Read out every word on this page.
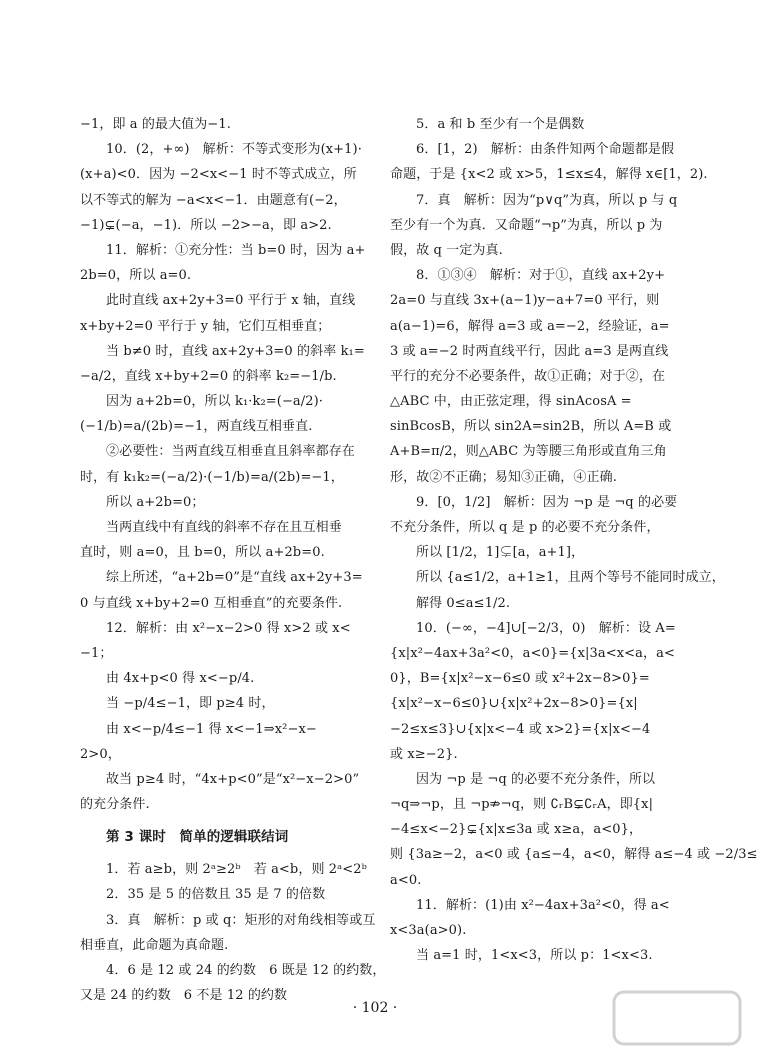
−1，即 a 的最大值为−1.
10．(2，+∞)　解析：不等式变形为(x+1)·
(x+a)<0．因为 −2<x<−1 时不等式成立，所
以不等式的解为 −a<x<−1．由题意有(−2，
−1)⊊(−a，−1)．所以 −2>−a，即 a>2.
11．解析：①充分性：当 b=0 时，因为 a+
2b=0，所以 a=0.
此时直线 ax+2y+3=0 平行于 x 轴，直线
x+by+2=0 平行于 y 轴，它们互相垂直；
当 b≠0 时，直线 ax+2y+3=0 的斜率 k₁=
−a/2，直线 x+by+2=0 的斜率 k₂=−1/b.
因为 a+2b=0，所以 k₁·k₂=(−a/2)·
(−1/b)=a/(2b)=−1，两直线互相垂直.
②必要性：当两直线互相垂直且斜率都存在
时，有 k₁k₂=(−a/2)·(−1/b)=a/(2b)=−1，
所以 a+2b=0；
当两直线中有直线的斜率不存在且互相垂
直时，则 a=0，且 b=0，所以 a+2b=0.
综上所述，“a+2b=0”是“直线 ax+2y+3=
0 与直线 x+by+2=0 互相垂直”的充要条件.
12．解析：由 x²−x−2>0 得 x>2 或 x<
−1；
由 4x+p<0 得 x<−p/4.
当 −p/4≤−1，即 p≥4 时，
由 x<−p/4≤−1 得 x<−1⇒x²−x−
2>0，
故当 p≥4 时，“4x+p<0”是“x²−x−2>0”
的充分条件.
第 3 课时　简单的逻辑联结词
1．若 a≥b，则 2ᵃ≥2ᵇ　若 a<b，则 2ᵃ<2ᵇ
2．35 是 5 的倍数且 35 是 7 的倍数
3．真　解析：p 或 q：矩形的对角线相等或互
相垂直，此命题为真命题.
4．6 是 12 或 24 的约数　6 既是 12 的约数，
又是 24 的约数　6 不是 12 的约数
5．a 和 b 至少有一个是偶数
6．[1，2)　解析：由条件知两个命题都是假
命题，于是 {x<2 或 x>5，1≤x≤4，解得 x∈[1，2).
7．真　解析：因为“p∨q”为真，所以 p 与 q
至少有一个为真．又命题“¬p”为真，所以 p 为
假，故 q 一定为真.
8．①③④　解析：对于①，直线 ax+2y+
2a=0 与直线 3x+(a−1)y−a+7=0 平行，则
a(a−1)=6，解得 a=3 或 a=−2，经验证，a=
3 或 a=−2 时两直线平行，因此 a=3 是两直线
平行的充分不必要条件，故①正确；对于②，在
△ABC 中，由正弦定理，得 sinAcosA =
sinBcosB，所以 sin2A=sin2B，所以 A=B 或
A+B=π/2，则△ABC 为等腰三角形或直角三角
形，故②不正确；易知③正确，④正确.
9．[0，1/2]　解析：因为 ¬p 是 ¬q 的必要
不充分条件，所以 q 是 p 的必要不充分条件，
所以 [1/2，1]⊊[a，a+1]，
所以 {a≤1/2，a+1≥1，且两个等号不能同时成立，
解得 0≤a≤1/2.
10．(−∞，−4]∪[−2/3，0)　解析：设 A=
{x|x²−4ax+3a²<0，a<0}={x|3a<x<a，a<
0}，B={x|x²−x−6≤0 或 x²+2x−8>0}=
{x|x²−x−6≤0}∪{x|x²+2x−8>0}={x|
−2≤x≤3}∪{x|x<−4 或 x>2}={x|x<−4
或 x≥−2}.
因为 ¬p 是 ¬q 的必要不充分条件，所以
¬q⇒¬p，且 ¬p⇏¬q，则 ∁ᵣB⊊∁ᵣA，即{x|
−4≤x<−2}⊊{x|x≤3a 或 x≥a，a<0}，
则 {3a≥−2，a<0 或 {a≤−4，a<0，解得 a≤−4 或 −2/3≤
a<0.
11．解析：(1)由 x²−4ax+3a²<0，得 a<
x<3a(a>0).
当 a=1 时，1<x<3，所以 p：1<x<3.
· 102 ·
